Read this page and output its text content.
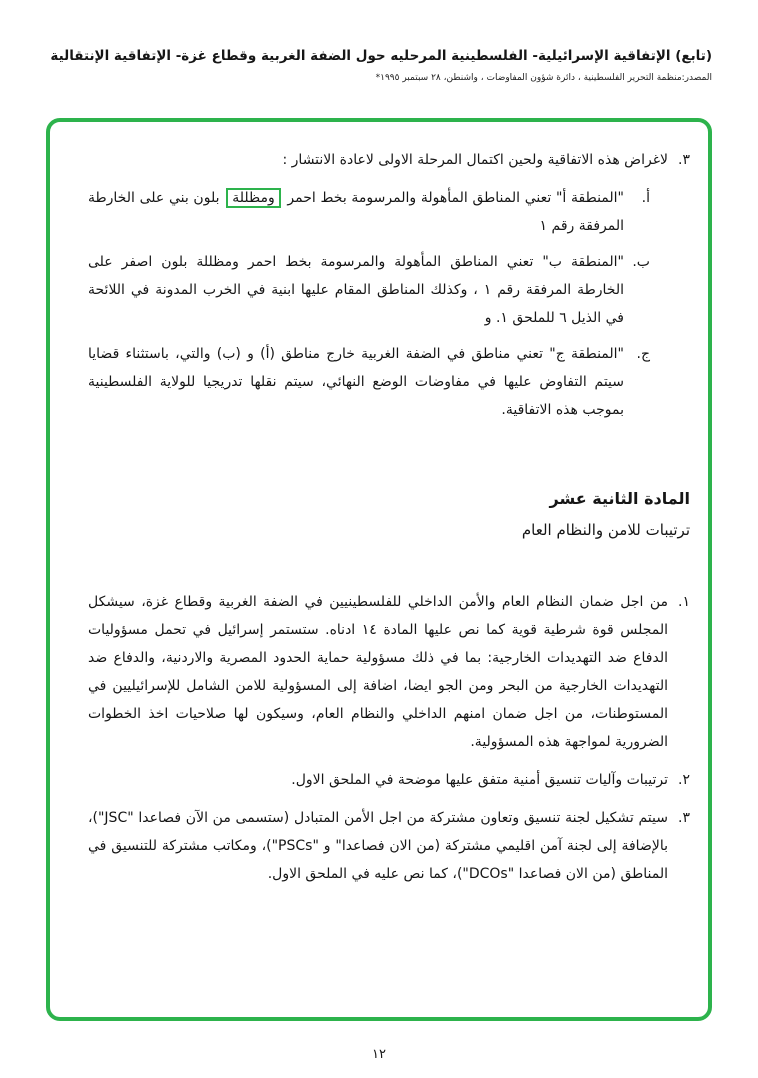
(تابع) الإتفاقية الإسرائيلية- الفلسطينية المرحليه حول الضفة الغربية وقطاع غزة- الإتفاقية الإنتقالية
المصدر:منظمة التحرير الفلسطينية ، دائرة شؤون المفاوضات ، واشنطن، ٢٨ سبتمبر ١٩٩٥*
٣.
لاغراض هذه الاتفاقية ولحين اكتمال المرحلة الاولى لاعادة الانتشار :
أ.
"المنطقة أ" تعني المناطق المأهولة والمرسومة بخط احمر ومظللة بلون بني على الخارطة المرفقة رقم ١
ب.
"المنطقة ب" تعني المناطق المأهولة والمرسومة بخط احمر ومظللة بلون اصفر على الخارطة المرفقة رقم ١ ، وكذلك المناطق المقام عليها ابنية في الخرب المدونة في اللائحة في الذيل ٦ للملحق ١. و
ج.
"المنطقة ج" تعني مناطق في الضفة الغربية خارج مناطق (أ) و (ب) والتي، باستثناء قضايا سيتم التفاوض عليها في مفاوضات الوضع النهائي، سيتم نقلها تدريجيا للولاية الفلسطينية بموجب هذه الاتفاقية.
المادة الثانية عشر
ترتيبات للامن والنظام العام
١.
من اجل ضمان النظام العام والأمن الداخلي للفلسطينيين في الضفة الغربية وقطاع غزة، سيشكل المجلس قوة شرطية قوية كما نص عليها المادة ١٤ ادناه. ستستمر إسرائيل في تحمل مسؤوليات الدفاع ضد التهديدات الخارجية: بما في ذلك مسؤولية حماية الحدود المصرية والاردنية، والدفاع ضد التهديدات الخارجية من البحر ومن الجو ايضا، اضافة إلى المسؤولية للامن الشامل للإسرائيليين في المستوطنات، من اجل ضمان امنهم الداخلي والنظام العام، وسيكون لها صلاحيات اخذ الخطوات الضرورية لمواجهة هذه المسؤولية.
٢.
ترتيبات وآليات تنسيق أمنية متفق عليها موضحة في الملحق الاول.
٣.
سيتم تشكيل لجنة تنسيق وتعاون مشتركة من اجل الأمن المتبادل (ستسمى من الآن فصاعدا "JSC")، بالإضافة إلى لجنة آمن اقليمي مشتركة (من الان فصاعدا" و "PSCs")، ومكاتب مشتركة للتنسيق في المناطق (من الان فصاعدا "DCOs")، كما نص عليه في الملحق الاول.
١٢
